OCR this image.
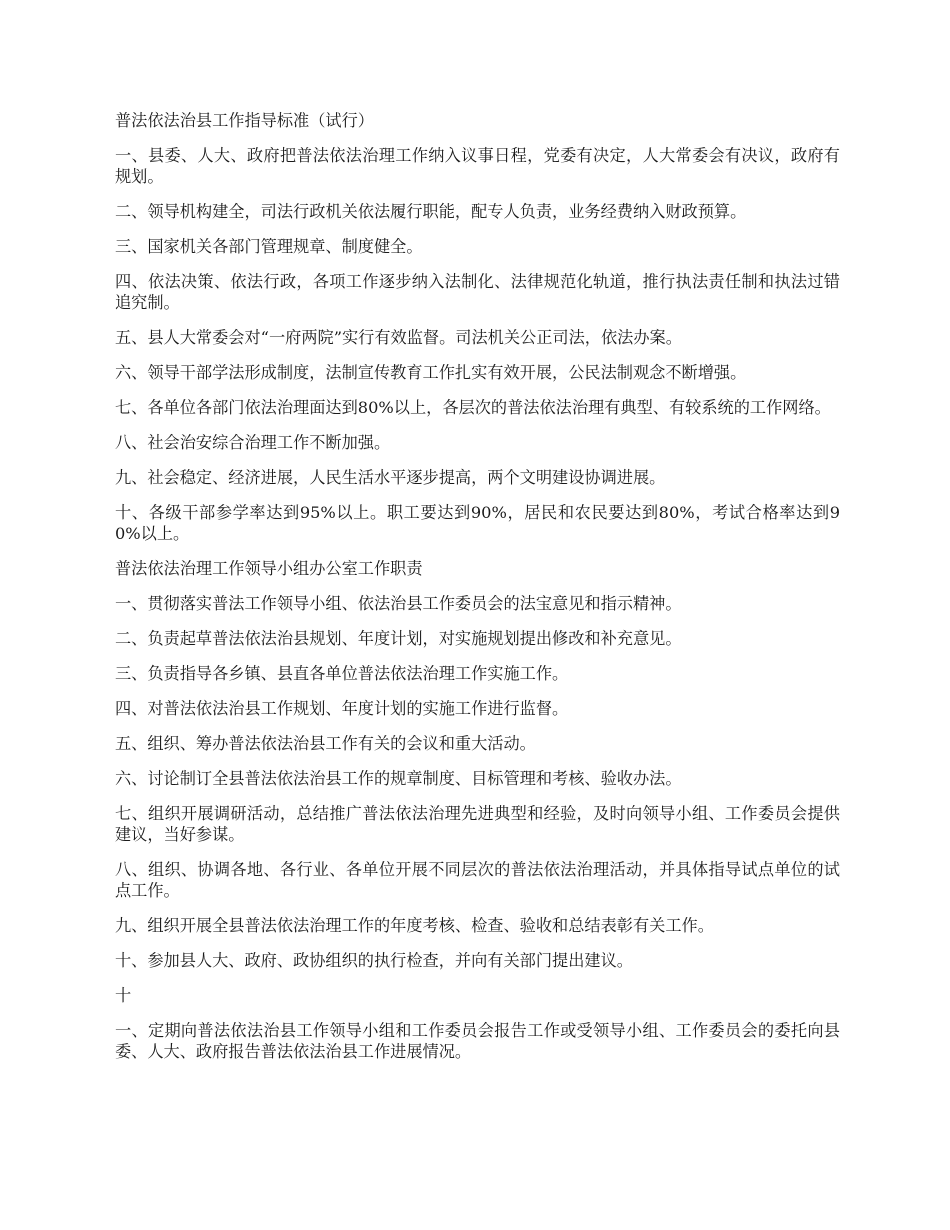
普法依法治县工作指导标准（试行）

一、县委、人大、政府把普法依法治理工作纳入议事日程，党委有决定，人大常委会有决议，政府有规划。

二、领导机构建全，司法行政机关依法履行职能，配专人负责，业务经费纳入财政预算。

三、国家机关各部门管理规章、制度健全。

四、依法决策、依法行政，各项工作逐步纳入法制化、法律规范化轨道，推行执法责任制和执法过错追究制。

五、县人大常委会对“一府两院”实行有效监督。司法机关公正司法，依法办案。

六、领导干部学法形成制度，法制宣传教育工作扎实有效开展，公民法制观念不断增强。

七、各单位各部门依法治理面达到80%以上，各层次的普法依法治理有典型、有较系统的工作网络。

八、社会治安综合治理工作不断加强。

九、社会稳定、经济进展，人民生活水平逐步提高，两个文明建设协调进展。

十、各级干部参学率达到95%以上。职工要达到90%，居民和农民要达到80%，考试合格率达到90%以上。

普法依法治理工作领导小组办公室工作职责

一、贯彻落实普法工作领导小组、依法治县工作委员会的法宝意见和指示精神。

二、负责起草普法依法治县规划、年度计划，对实施规划提出修改和补充意见。

三、负责指导各乡镇、县直各单位普法依法治理工作实施工作。

四、对普法依法治县工作规划、年度计划的实施工作进行监督。

五、组织、筹办普法依法治县工作有关的会议和重大活动。

六、讨论制订全县普法依法治县工作的规章制度、目标管理和考核、验收办法。

七、组织开展调研活动，总结推广普法依法治理先进典型和经验，及时向领导小组、工作委员会提供建议，当好参谋。

八、组织、协调各地、各行业、各单位开展不同层次的普法依法治理活动，并具体指导试点单位的试点工作。

九、组织开展全县普法依法治理工作的年度考核、检查、验收和总结表彰有关工作。

十、参加县人大、政府、政协组织的执行检查，并向有关部门提出建议。

十

一、定期向普法依法治县工作领导小组和工作委员会报告工作或受领导小组、工作委员会的委托向县委、人大、政府报告普法依法治县工作进展情况。
